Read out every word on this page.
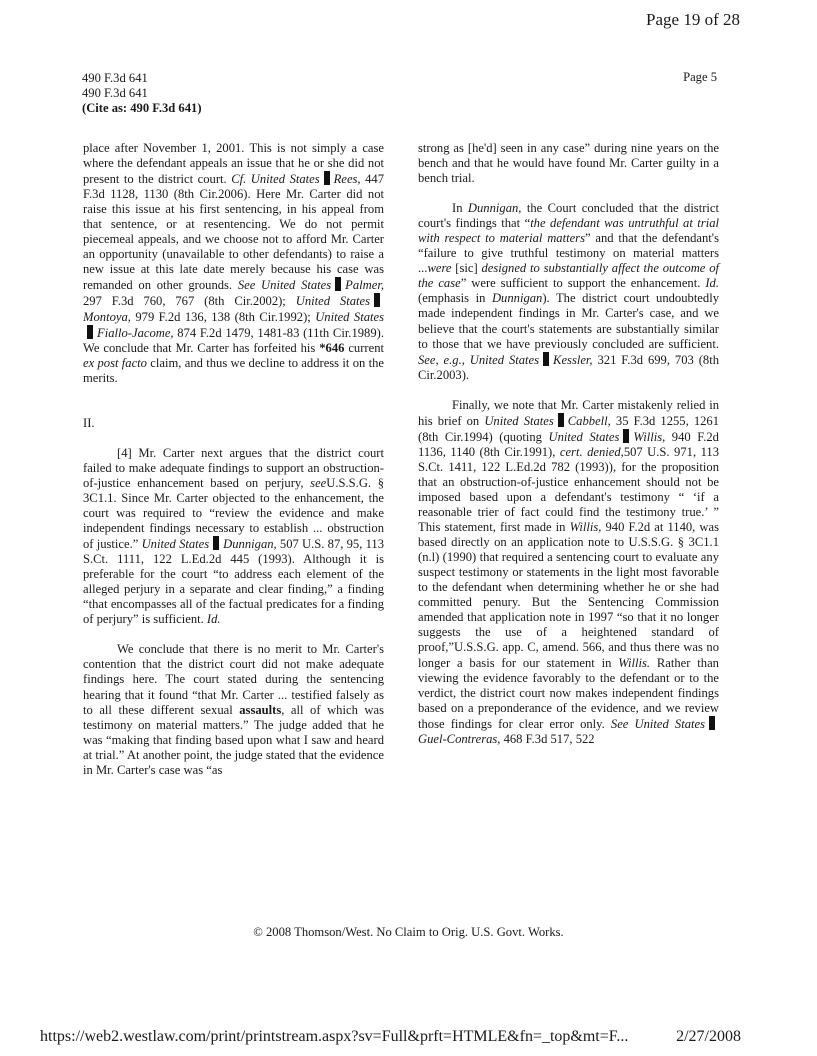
Page 19 of 28
490 F.3d 641
490 F.3d 641
(Cite as: 490 F.3d 641)
Page 5

place after November 1, 2001. This is not simply a case where the defendant appeals an issue that he or she did not present to the district court. Cf. United States Rees, 447 F.3d 1128, 1130 (8th Cir.2006). Here Mr. Carter did not raise this issue at his first sentencing, in his appeal from that sentence, or at resentencing. We do not permit piecemeal appeals, and we choose not to afford Mr. Carter an opportunity (unavailable to other defendants) to raise a new issue at this late date merely because his case was remanded on other grounds. See United States Palmer, 297 F.3d 760, 767 (8th Cir.2002); United StatesMontoya, 979 F.2d 136, 138 (8th Cir.1992); United StatesFiallo-Jacome, 874 F.2d 1479, 1481-83 (11th Cir.1989). We conclude that Mr. Carter has forfeited his *646 current ex post facto claim, and thus we decline to address it on the merits.

II.

[4] Mr. Carter next argues that the district court failed to make adequate findings to support an obstruction-of-justice enhancement based on perjury, seeU.S.S.G. § 3C1.1. Since Mr. Carter objected to the enhancement, the court was required to “review the evidence and make independent findings necessary to establish ... obstruction of justice.” United States Dunnigan, 507 U.S. 87, 95, 113 S.Ct. 1111, 122 L.Ed.2d 445 (1993). Although it is preferable for the court “to address each element of the alleged perjury in a separate and clear finding,” a finding “that encompasses all of the factual predicates for a finding of perjury” is sufficient. Id.

We conclude that there is no merit to Mr. Carter's contention that the district court did not make adequate findings here. The court stated during the sentencing hearing that it found “that Mr. Carter ... testified falsely as to all these different sexual assaults, all of which was testimony on material matters.” The judge added that he was “making that finding based upon what I saw and heard at trial.” At another point, the judge stated that the evidence in Mr. Carter's case was “as

strong as [he'd] seen in any case” during nine years on the bench and that he would have found Mr. Carter guilty in a bench trial.

In Dunnigan, the Court concluded that the district court's findings that “the defendant was untruthful at trial with respect to material matters” and that the defendant's “failure to give truthful testimony on material matters ...were [sic] designed to substantially affect the outcome of the case” were sufficient to support the enhancement. Id. (emphasis in Dunnigan). The district court undoubtedly made independent findings in Mr. Carter's case, and we believe that the court's statements are substantially similar to those that we have previously concluded are sufficient. See, e.g., United States Kessler, 321 F.3d 699, 703 (8th Cir.2003).

Finally, we note that Mr. Carter mistakenly relied in his brief on United States Cabbell, 35 F.3d 1255, 1261 (8th Cir.1994) (quoting United States Willis, 940 F.2d 1136, 1140 (8th Cir.1991), cert. denied,507 U.S. 971, 113 S.Ct. 1411, 122 L.Ed.2d 782 (1993)), for the proposition that an obstruction-of-justice enhancement should not be imposed based upon a defendant's testimony “ ‘if a reasonable trier of fact could find the testimony true.’ ” This statement, first made in Willis, 940 F.2d at 1140, was based directly on an application note to U.S.S.G. § 3C1.1 (n.l) (1990) that required a sentencing court to evaluate any suspect testimony or statements in the light most favorable to the defendant when determining whether he or she had committed penury. But the Sentencing Commission amended that application note in 1997 “so that it no longer suggests the use of a heightened standard of proof,”U.S.S.G. app. C, amend. 566, and thus there was no longer a basis for our statement in Willis. Rather than viewing the evidence favorably to the defendant or to the verdict, the district court now makes independent findings based on a preponderance of the evidence, and we review those findings for clear error only. See United StatesGuel-Contreras, 468 F.3d 517, 522

© 2008 Thomson/West. No Claim to Orig. U.S. Govt. Works.
https://web2.westlaw.com/print/printstream.aspx?sv=Full&prft=HTMLE&fn=_top&mt=F...	2/27/2008
